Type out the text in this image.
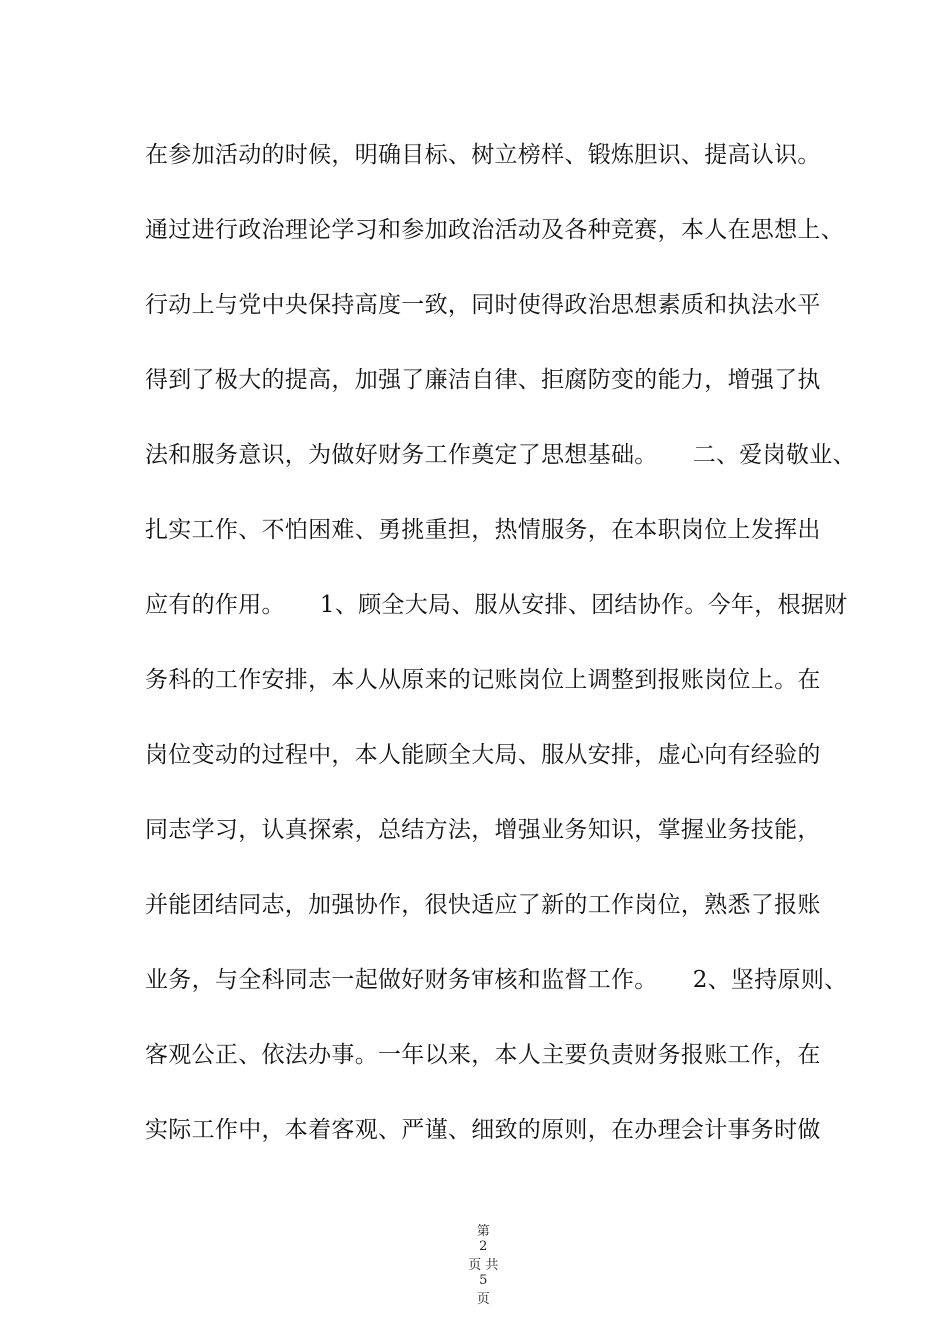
在参加活动的时候，明确目标、树立榜样、锻炼胆识、提高认识。
通过进行政治理论学习和参加政治活动及各种竞赛，本人在思想上、
行动上与党中央保持高度一致，同时使得政治思想素质和执法水平
得到了极大的提高，加强了廉洁自律、拒腐防变的能力，增强了执
法和服务意识，为做好财务工作奠定了思想基础。　　二、爱岗敬业、
扎实工作、不怕困难、勇挑重担，热情服务，在本职岗位上发挥出
应有的作用。　　1、顾全大局、服从安排、团结协作。今年，根据财
务科的工作安排，本人从原来的记账岗位上调整到报账岗位上。在
岗位变动的过程中，本人能顾全大局、服从安排，虚心向有经验的
同志学习，认真探索，总结方法，增强业务知识，掌握业务技能，
并能团结同志，加强协作，很快适应了新的工作岗位，熟悉了报账
业务，与全科同志一起做好财务审核和监督工作。　　2、坚持原则、
客观公正、依法办事。一年以来，本人主要负责财务报账工作，在
实际工作中，本着客观、严谨、细致的原则，在办理会计事务时做

第
2
页 共
5
页
